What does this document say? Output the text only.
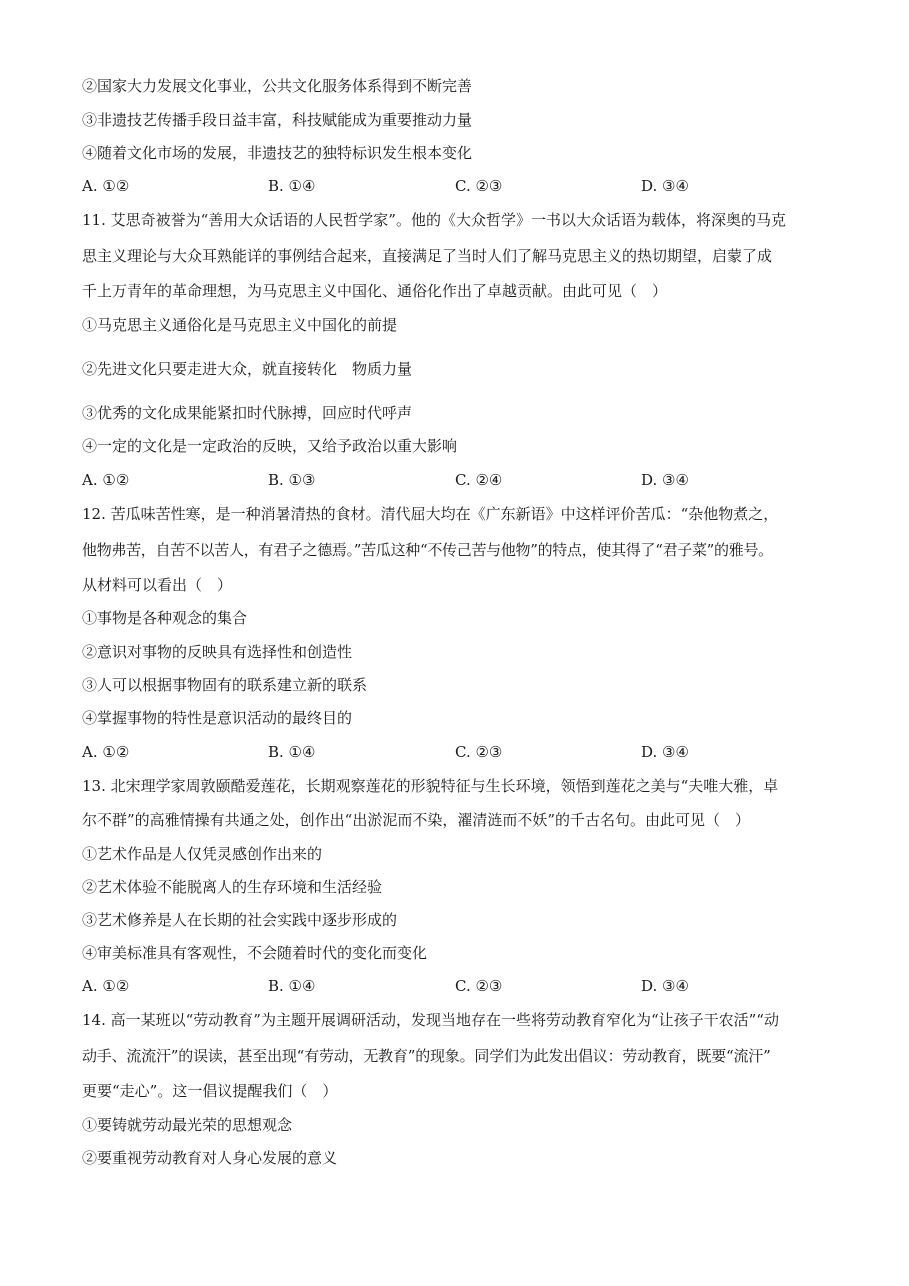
②国家大力发展文化事业，公共文化服务体系得到不断完善
③非遗技艺传播手段日益丰富，科技赋能成为重要推动力量
④随着文化市场的发展，非遗技艺的独特标识发生根本变化
A. ①②	B. ①④	C. ②③	D. ③④
11. 艾思奇被誉为“善用大众话语的人民哲学家”。他的《大众哲学》一书以大众话语为载体，将深奥的马克
思主义理论与大众耳熟能详的事例结合起来，直接满足了当时人们了解马克思主义的热切期望，启蒙了成
千上万青年的革命理想，为马克思主义中国化、通俗化作出了卓越贡献。由此可见（　）
①马克思主义通俗化是马克思主义中国化的前提
②先进文化只要走进大众，就直接转化　物质力量
③优秀的文化成果能紧扣时代脉搏，回应时代呼声
④一定的文化是一定政治的反映，又给予政治以重大影响
A. ①②	B. ①③	C. ②④	D. ③④
12. 苦瓜味苦性寒，是一种消暑清热的食材。清代屈大均在《广东新语》中这样评价苦瓜：“杂他物煮之，
他物弗苦，自苦不以苦人，有君子之德焉。”苦瓜这种“不传己苦与他物”的特点，使其得了“君子菜”的雅号。
从材料可以看出（　）
①事物是各种观念的集合
②意识对事物的反映具有选择性和创造性
③人可以根据事物固有的联系建立新的联系
④掌握事物的特性是意识活动的最终目的
A. ①②	B. ①④	C. ②③	D. ③④
13. 北宋理学家周敦颐酷爱莲花，长期观察莲花的形貌特征与生长环境，领悟到莲花之美与“夫唯大雅，卓
尔不群”的高雅情操有共通之处，创作出“出淤泥而不染，濯清涟而不妖”的千古名句。由此可见（　）
①艺术作品是人仅凭灵感创作出来的
②艺术体验不能脱离人的生存环境和生活经验
③艺术修养是人在长期的社会实践中逐步形成的
④审美标准具有客观性，不会随着时代的变化而变化
A. ①②	B. ①④	C. ②③	D. ③④
14. 高一某班以“劳动教育”为主题开展调研活动，发现当地存在一些将劳动教育窄化为“让孩子干农活”“动
动手、流流汗”的误读，甚至出现“有劳动，无教育”的现象。同学们为此发出倡议：劳动教育，既要“流汗”
更要“走心”。这一倡议提醒我们（　）
①要铸就劳动最光荣的思想观念
②要重视劳动教育对人身心发展的意义
